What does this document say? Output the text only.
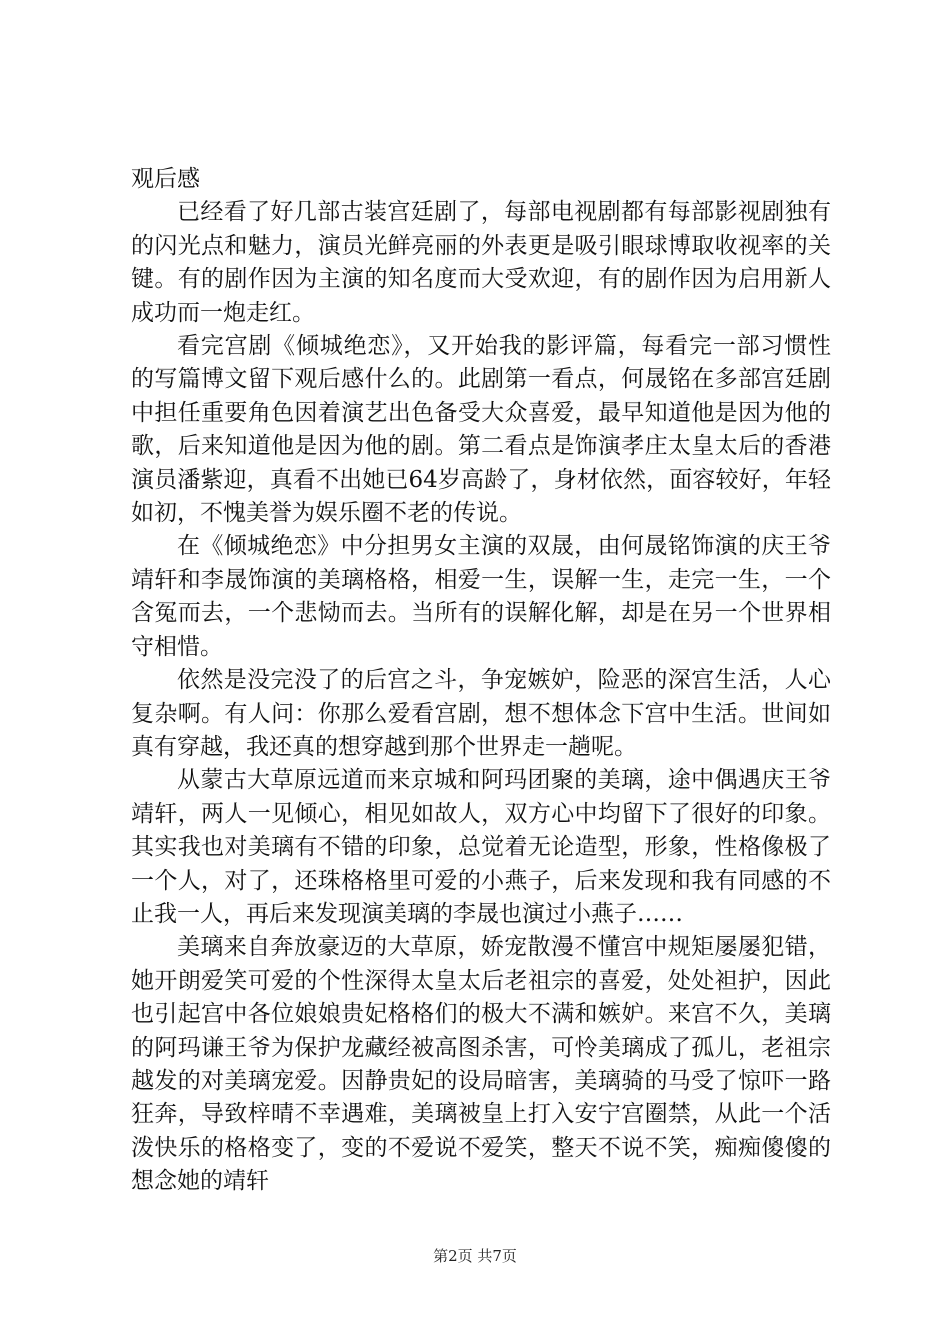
观后感

已经看了好几部古装宫廷剧了，每部电视剧都有每部影视剧独有的闪光点和魅力，演员光鲜亮丽的外表更是吸引眼球博取收视率的关键。有的剧作因为主演的知名度而大受欢迎，有的剧作因为启用新人成功而一炮走红。

看完宫剧《倾城绝恋》，又开始我的影评篇，每看完一部习惯性的写篇博文留下观后感什么的。此剧第一看点，何晟铭在多部宫廷剧中担任重要角色因着演艺出色备受大众喜爱，最早知道他是因为他的歌，后来知道他是因为他的剧。第二看点是饰演孝庄太皇太后的香港演员潘紫迎，真看不出她已64岁高龄了，身材依然，面容较好，年轻如初，不愧美誉为娱乐圈不老的传说。

在《倾城绝恋》中分担男女主演的双晟，由何晟铭饰演的庆王爷靖轩和李晟饰演的美璃格格，相爱一生，误解一生，走完一生，一个含冤而去，一个悲恸而去。当所有的误解化解，却是在另一个世界相守相惜。

依然是没完没了的后宫之斗，争宠嫉妒，险恶的深宫生活，人心复杂啊。有人问：你那么爱看宫剧，想不想体念下宫中生活。世间如真有穿越，我还真的想穿越到那个世界走一趟呢。

从蒙古大草原远道而来京城和阿玛团聚的美璃，途中偶遇庆王爷靖轩，两人一见倾心，相见如故人，双方心中均留下了很好的印象。其实我也对美璃有不错的印象，总觉着无论造型，形象，性格像极了一个人，对了，还珠格格里可爱的小燕子，后来发现和我有同感的不止我一人，再后来发现演美璃的李晟也演过小燕子……

美璃来自奔放豪迈的大草原，娇宠散漫不懂宫中规矩屡屡犯错，她开朗爱笑可爱的个性深得太皇太后老祖宗的喜爱，处处袒护，因此也引起宫中各位娘娘贵妃格格们的极大不满和嫉妒。来宫不久，美璃的阿玛谦王爷为保护龙藏经被高图杀害，可怜美璃成了孤儿，老祖宗越发的对美璃宠爱。因静贵妃的设局暗害，美璃骑的马受了惊吓一路狂奔，导致梓晴不幸遇难，美璃被皇上打入安宁宫圈禁，从此一个活泼快乐的格格变了，变的不爱说不爱笑，整天不说不笑，痴痴傻傻的想念她的靖轩

第2页 共7页
